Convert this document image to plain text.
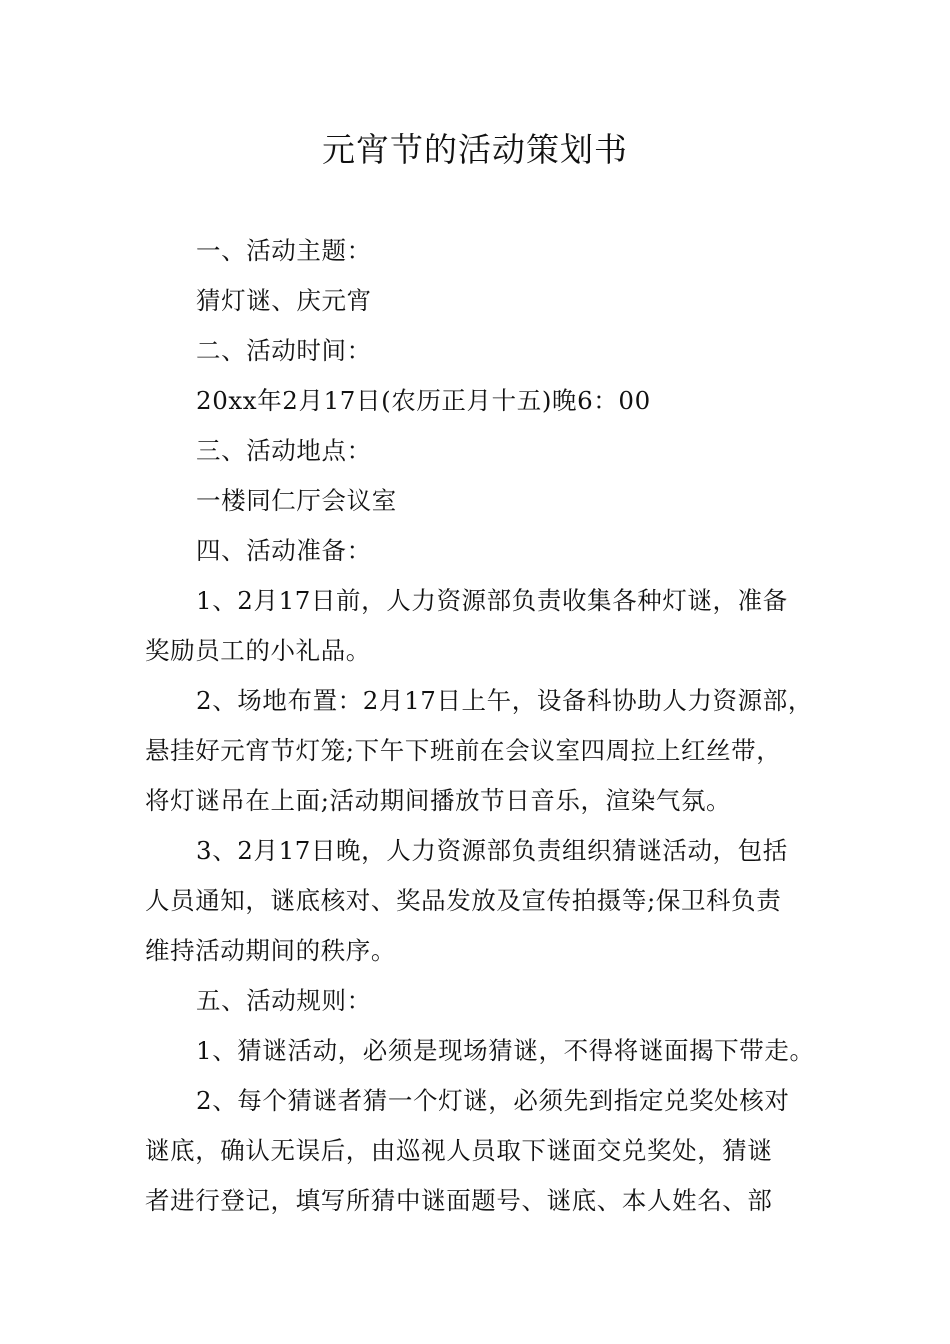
元宵节的活动策划书
一、活动主题：
猜灯谜、庆元宵
二、活动时间：
20xx年2月17日(农历正月十五)晚6：00
三、活动地点：
一楼同仁厅会议室
四、活动准备：
1、2月17日前，人力资源部负责收集各种灯谜，准备
奖励员工的小礼品。
2、场地布置：2月17日上午，设备科协助人力资源部，
悬挂好元宵节灯笼;下午下班前在会议室四周拉上红丝带，
将灯谜吊在上面;活动期间播放节日音乐，渲染气氛。
3、2月17日晚，人力资源部负责组织猜谜活动，包括
人员通知，谜底核对、奖品发放及宣传拍摄等;保卫科负责
维持活动期间的秩序。
五、活动规则：
1、猜谜活动，必须是现场猜谜，不得将谜面揭下带走。
2、每个猜谜者猜一个灯谜，必须先到指定兑奖处核对
谜底，确认无误后，由巡视人员取下谜面交兑奖处，猜谜
者进行登记，填写所猜中谜面题号、谜底、本人姓名、部
